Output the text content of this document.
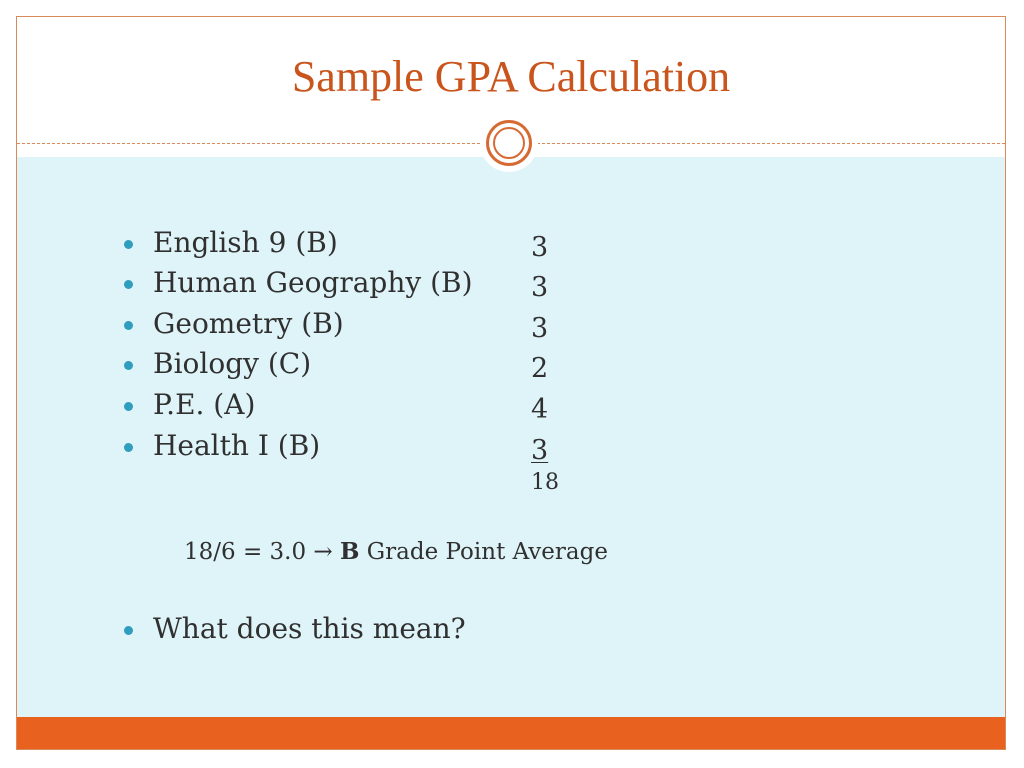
Sample GPA Calculation
English 9 (B)	3
Human Geography (B) 3
Geometry (B)	3
Biology (C)	2
P.E. (A)	4
Health I (B)	3
18
18/6 = 3.0 → B Grade Point Average
What does this mean?
